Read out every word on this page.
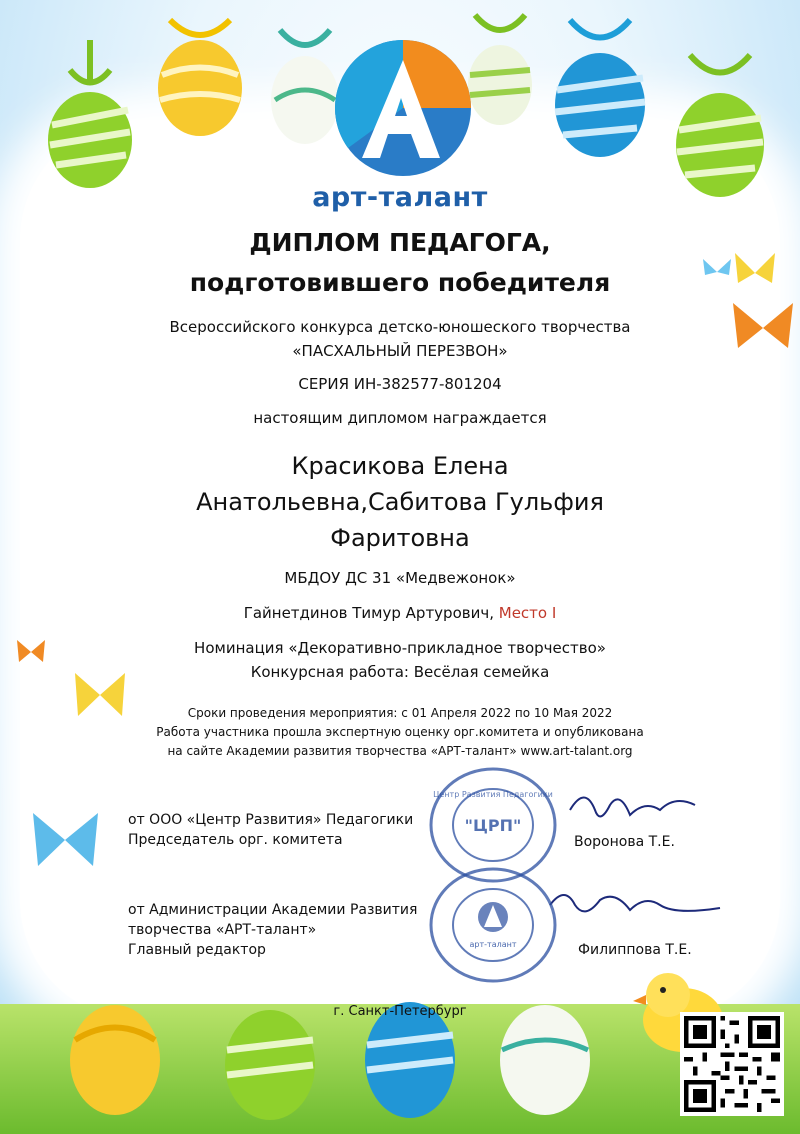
арт-талант
ДИПЛОМ ПЕДАГОГА,
подготовившего победителя
Всероссийского конкурса детско-юношеского творчества
«ПАСХАЛЬНЫЙ ПЕРЕЗВОН»
СЕРИЯ ИН-382577-801204
настоящим дипломом награждается
Красикова Елена Анатольевна,Сабитова Гульфия Фаритовна
МБДОУ ДС 31 «Медвежонок»
Гайнетдинов Тимур Артурович, Место I
Номинация «Декоративно-прикладное творчество»
Конкурсная работа: Весёлая семейка
Сроки проведения мероприятия: с 01 Апреля 2022 по 10 Мая 2022
Работа участника прошла экспертную оценку орг.комитета и опубликована
на сайте Академии развития творчества «АРТ-талант» www.art-talant.org
от ООО «Центр Развития» Педагогики
Председатель орг. комитета	Воронова Т.Е.
от Администрации Академии Развития
творчества «АРТ-талант»
Главный редактор	Филиппова Т.Е.
"ЦРП"
Центр Развития Педагогики
арт-талант
г. Санкт-Петербург
